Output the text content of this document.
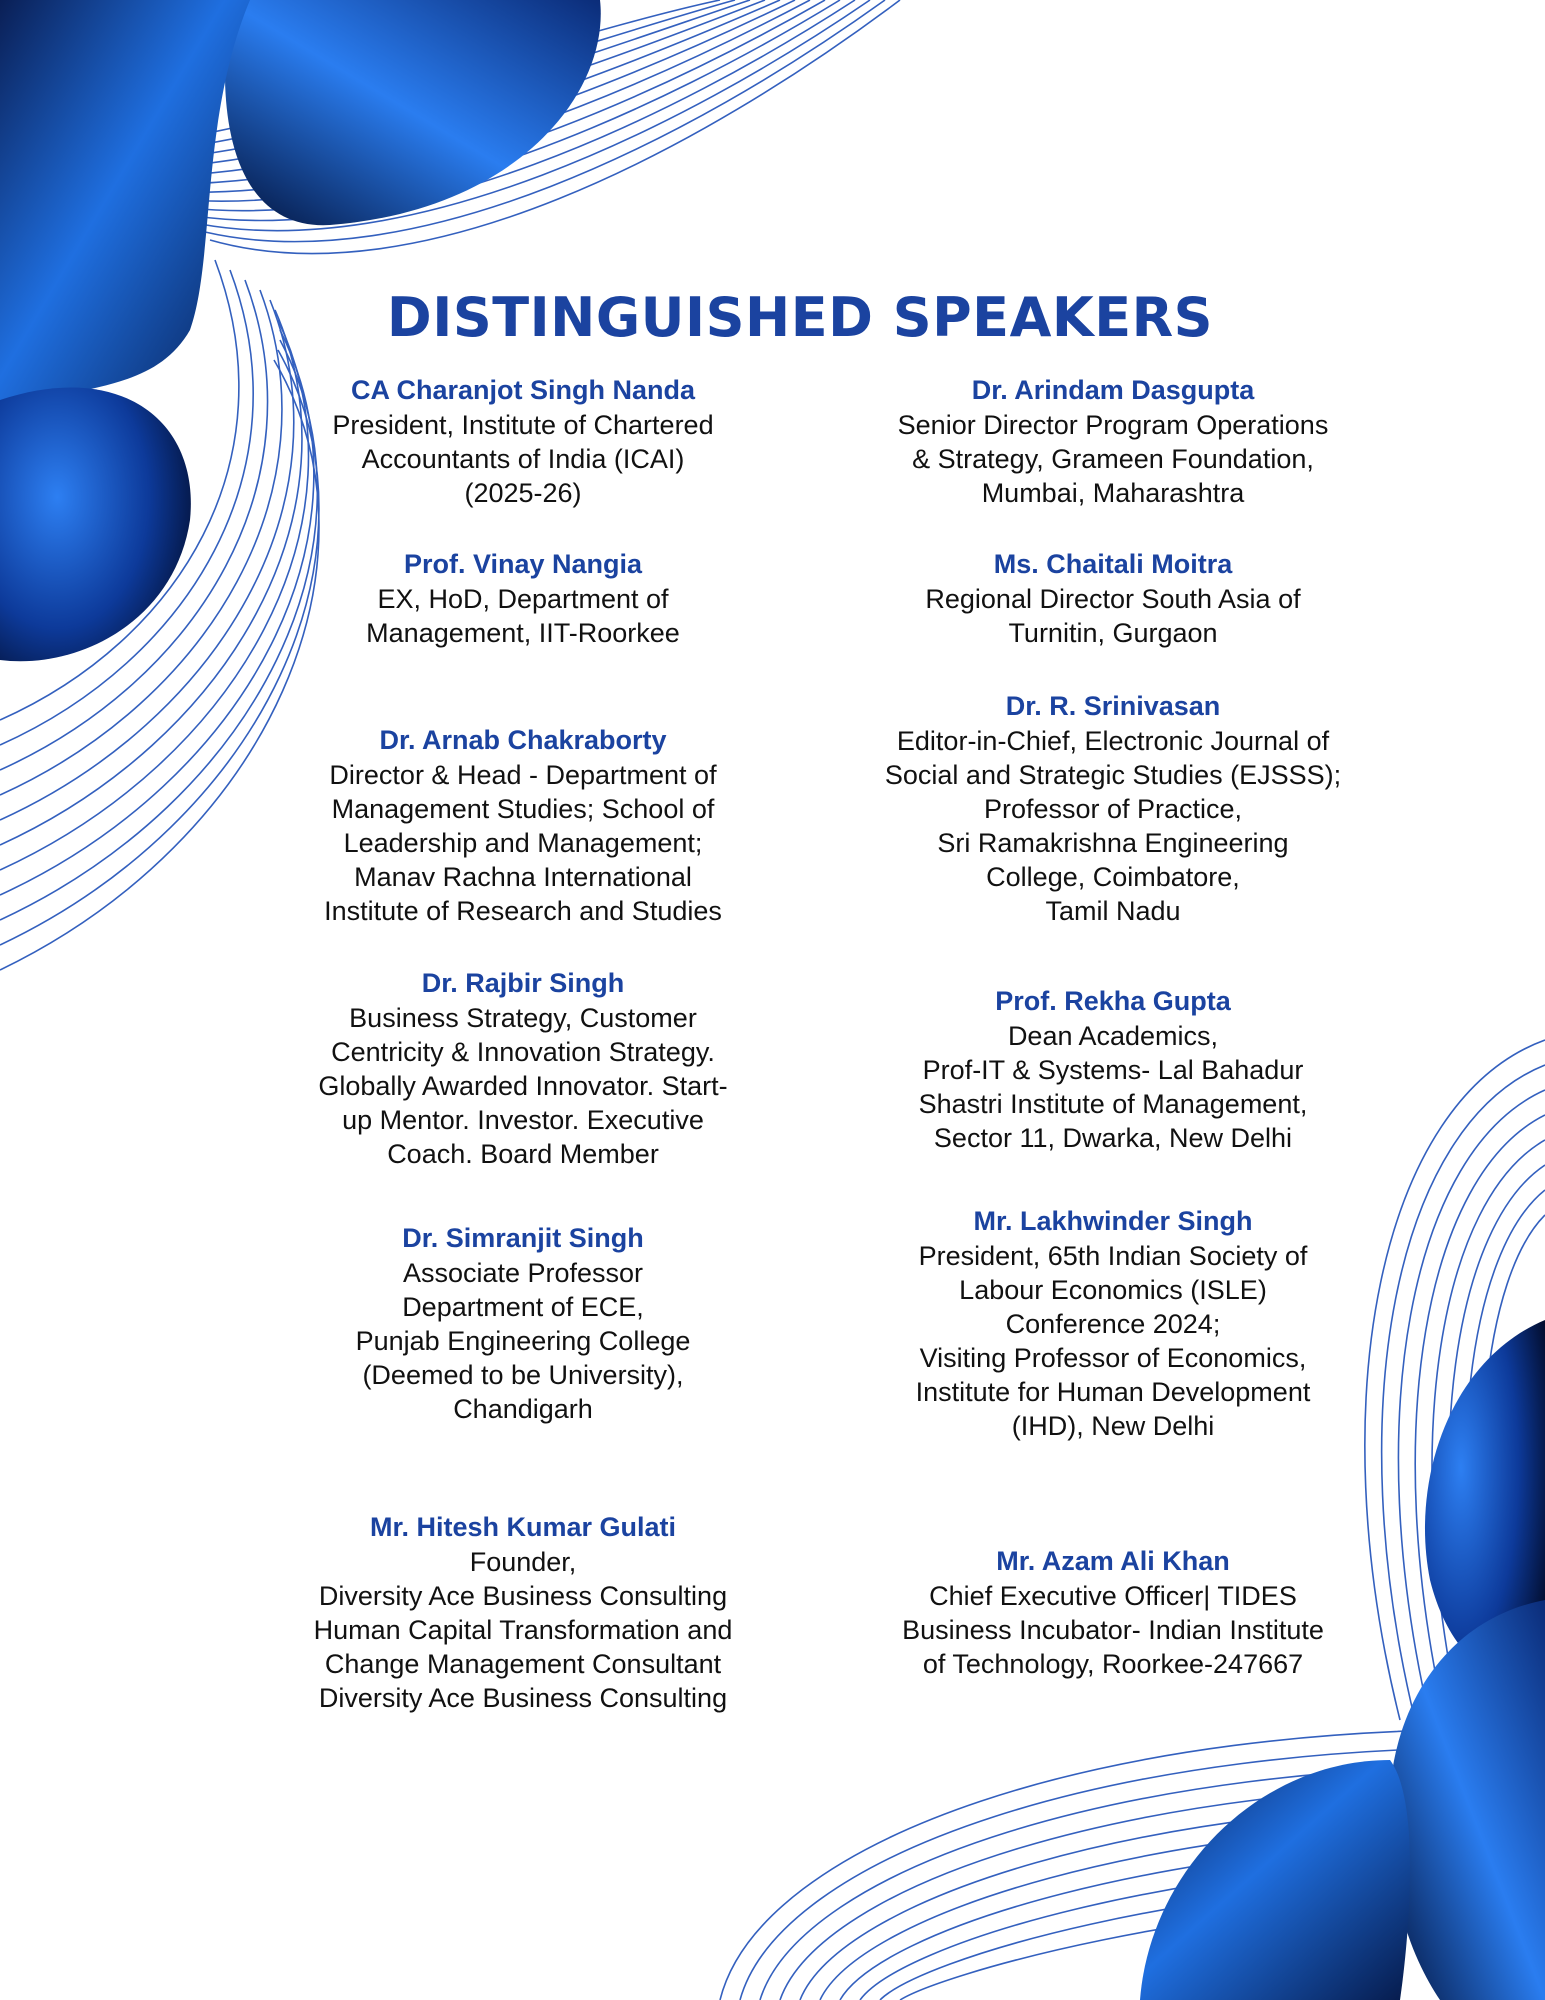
DISTINGUISHED SPEAKERS
CA Charanjot Singh Nanda
President, Institute of Chartered
Accountants of India (ICAI)
(2025-26)
Prof. Vinay Nangia
EX, HoD, Department of
Management, IIT-Roorkee
Dr. Arnab Chakraborty
Director & Head - Department of
Management Studies; School of
Leadership and Management;
Manav Rachna International
Institute of Research and Studies
Dr. Rajbir Singh
Business Strategy, Customer
Centricity & Innovation Strategy.
Globally Awarded Innovator. Start-
up Mentor. Investor. Executive
Coach. Board Member
Dr. Simranjit Singh
Associate Professor
Department of ECE,
Punjab Engineering College
(Deemed to be University),
Chandigarh
Mr. Hitesh Kumar Gulati
Founder,
Diversity Ace Business Consulting
Human Capital Transformation and
Change Management Consultant
Diversity Ace Business Consulting
Dr. Arindam Dasgupta
Senior Director Program Operations
& Strategy, Grameen Foundation,
Mumbai, Maharashtra
Ms. Chaitali Moitra
Regional Director South Asia of
Turnitin, Gurgaon
Dr. R. Srinivasan
Editor-in-Chief, Electronic Journal of
Social and Strategic Studies (EJSSS);
Professor of Practice,
Sri Ramakrishna Engineering
College, Coimbatore,
Tamil Nadu
Prof. Rekha Gupta
Dean Academics,
Prof-IT & Systems- Lal Bahadur
Shastri Institute of Management,
Sector 11, Dwarka, New Delhi
Mr. Lakhwinder Singh
President, 65th Indian Society of
Labour Economics (ISLE)
Conference 2024;
Visiting Professor of Economics,
Institute for Human Development
(IHD), New Delhi
Mr. Azam Ali Khan
Chief Executive Officer| TIDES
Business Incubator- Indian Institute
of Technology, Roorkee-247667
